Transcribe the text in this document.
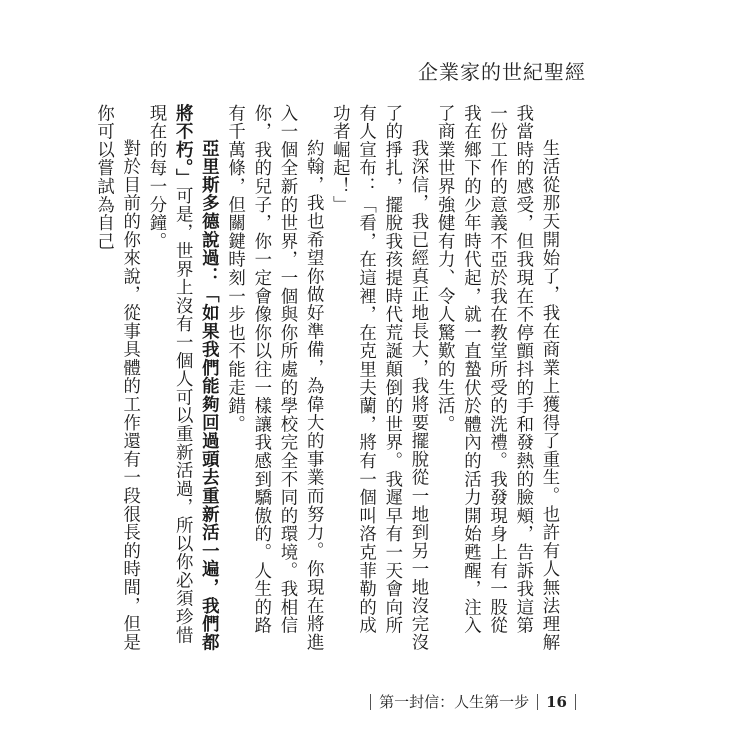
企業家的世紀聖經

生活從那天開始了，我在商業上獲得了重生。也許有人無法理解我當時的感受，但我現在不停顫抖的手和發熱的臉頰，告訴我這第一份工作的意義不亞於我在教堂所受的洗禮。我發現身上有一股從我在鄉下的少年時代起，就一直蟄伏於體內的活力開始甦醒，注入了商業世界強健有力、令人驚歎的生活。

我深信，我已經真正地長大，我將要擺脫從一地到另一地沒完沒了的掙扎，擺脫我孩提時代荒誕顛倒的世界。我遲早有一天會向所有人宣布：「看，在這裡，在克里夫蘭，將有一個叫洛克菲勒的成功者崛起！」

約翰，我也希望你做好準備，為偉大的事業而努力。你現在將進入一個全新的世界，一個與你所處的學校完全不同的環境。我相信你，我的兒子，你一定會像你以往一樣讓我感到驕傲的。人生的路有千萬條，但關鍵時刻一步也不能走錯。

亞里斯多德說過：「如果我們能夠回過頭去重新活一遍，我們都將不朽。」可是，世界上沒有一個人可以重新活過，所以你必須珍惜現在的每一分鐘。

對於目前的你來說，從事具體的工作還有一段很長的時間，但是你可以嘗試為自己

第一封信：人生第一步 16
